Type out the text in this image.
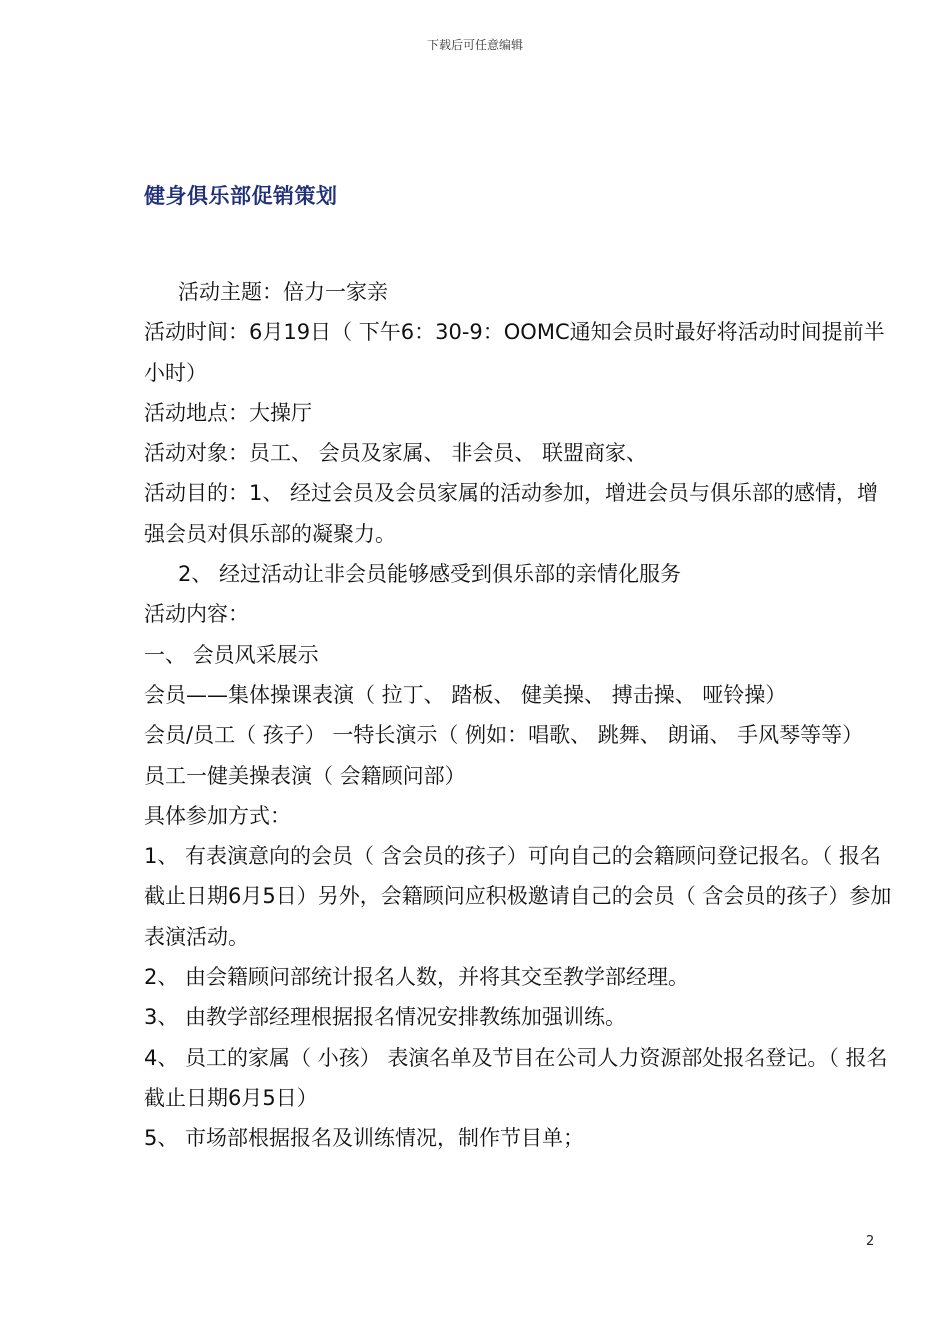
下载后可任意编辑
健身俱乐部促销策划

活动主题：倍力一家亲

活动时间：6月19日（ 下午6：30-9：OOMC通知会员时最好将活动时间提前半小时）

活动地点：大操厅

活动对象：员工、 会员及家属、 非会员、 联盟商家、

活动目的：1、 经过会员及会员家属的活动参加，增进会员与俱乐部的感情，增强会员对俱乐部的凝聚力。

2、 经过活动让非会员能够感受到俱乐部的亲情化服务

活动内容：

一、 会员风采展示

会员——集体操课表演（ 拉丁、 踏板、 健美操、 搏击操、 哑铃操）

会员/员工（ 孩子） 一特长演示（ 例如：唱歌、 跳舞、 朗诵、 手风琴等等）

员工一健美操表演（ 会籍顾问部）

具体参加方式：

1、 有表演意向的会员（ 含会员的孩子）可向自己的会籍顾问登记报名。（ 报名截止日期6月5日）另外，会籍顾问应积极邀请自己的会员（ 含会员的孩子）参加表演活动。

2、 由会籍顾问部统计报名人数，并将其交至教学部经理。

3、 由教学部经理根据报名情况安排教练加强训练。

4、 员工的家属（ 小孩） 表演名单及节目在公司人力资源部处报名登记。（ 报名截止日期6月5日）

5、 市场部根据报名及训练情况，制作节目单；

2
